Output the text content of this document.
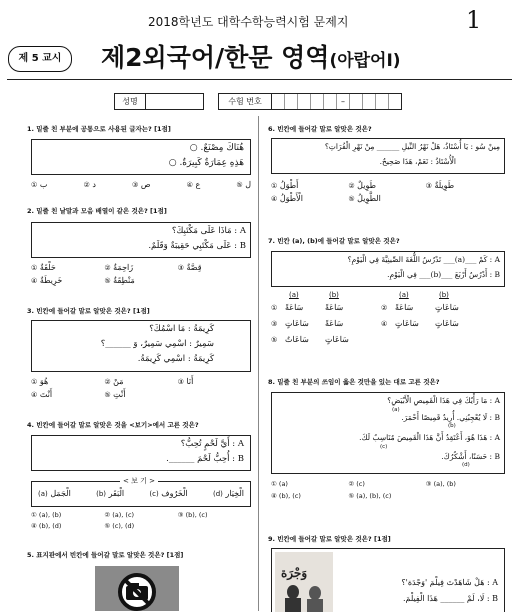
2018학년도 대학수학능력시험 문제지	1
제 5 교시	제2외국어/한문 영역(아랍어Ⅰ)
성명	수험 번호	–
1. 밑줄 친 부분에 공통으로 사용된 글자는? [1점]
هُنَاكَ مِصْنَعٌ. ○
هَذِهِ عِمَارَةٌ كَبِيرَةٌ. ○
① ب	② د	③ ص	④ ع	⑤ ل
2. 밑줄 친 낱말과 모음 배열이 같은 것은? [1점]
A : مَاذَا عَلَى مَكْتَبِكَ؟
B : عَلَى مَكْتَبِي حَقِيبَةٌ وَقَلَمٌ.
① حَلْقَةٌ	② زَاحِمَةٌ	③ قِصَّةٌ
④ خَرِيطَةٌ	⑤ مَنْطِقَةٌ
3. 빈칸에 들어갈 말로 알맞은 것은? [1점]
كَرِيمَةُ : مَا اسْمُكَ؟
سَمِيرٌ : اسْمِي سَمِيرٌ، وَ ______؟
كَرِيمَةُ : اسْمِي كَرِيمَةُ.
① هُوَ	② مَنْ	③ أَنَا
④ أَنْتَ	⑤ أَنْتِ
4. 빈칸에 들어갈 말로 알맞은 것을 <보기>에서 고른 것은?
A : أَيَّ لَحْمٍ تُحِبُّ؟
B : أُحِبُّ لَحْمَ ______.
< 보 기 >
(a) الْجَمَل	(b) الْبَقَر	(c) الْخَرُوف	(d) الْخِيَار
① (a), (b)	② (a), (c)	③ (b), (c)
④ (b), (d)	⑤ (c), (d)
5. 표지판에서 빈칸에 들어갈 말로 알맞은 것은? [1점]
6. 빈칸에 들어갈 말로 알맞은 것은?
مِينْ سُو : يَا أُسْتَاذُ، هَلْ نَهْرُ النِّيلِ ______ مِنْ نَهْرِ الْفُرَاتِ؟
الْأُسْتَاذُ : نَعَمْ، هَذَا صَحِيحٌ.
① أَطْوَلُ	② طَوِيلٌ	③ طَوِيلَةٌ
④ الْأَطْوَلُ	⑤ الطَّوِيلُ
7. 빈칸 (a), (b)에 들어갈 말로 알맞은 것은?
A : كَمْ ___(a)___ تَدْرُسُ اللُّغَةَ الصِّينِيَّةَ فِي الْيَوْمِ؟
B : أَدْرُسُ أَرْبَعَ ___(b)___ فِي الْيَوْمِ.
(a)	(b)	(a)	(b)
① سَاعَةً	سَاعَةً	② سَاعَةً	سَاعَاتٍ
③ سَاعَاتٍ سَاعَةً	④ سَاعَاتٍ سَاعَاتٍ
⑤ سَاعَاتٌ سَاعَاتٍ
8. 밑줄 친 부분의 쓰임이 옳은 것만을 있는 대로 고른 것은?
A : مَا رَأْيُكَ فِي هَذَا الْقَمِيصِ الْأَبْيَضِ؟
(a)
B : لَا يُعْجِبُنِي. أُرِيدُ قَمِيصًا أَحْمَرَ.
(b)
A : هَذَا هُوَ، أَعْتَقِدُ أَنَّ هَذَا الْقَمِيصَ مُنَاسِبٌ لَكَ.
(c)
B : حَسَنًا، أَشْكُرُكَ.
(d)
① (a)	② (c)	③ (a), (b)
④ (b), (c)	⑤ (a), (b), (c)
9. 빈칸에 들어갈 말로 알맞은 것은? [1점]
وَجْرَة
A : هَلْ شَاهَدْتَ فِيلْمَ 'وَجْدَة'؟
B : لَا، لَمْ ______ هَذَا الْفِيلْمَ.
